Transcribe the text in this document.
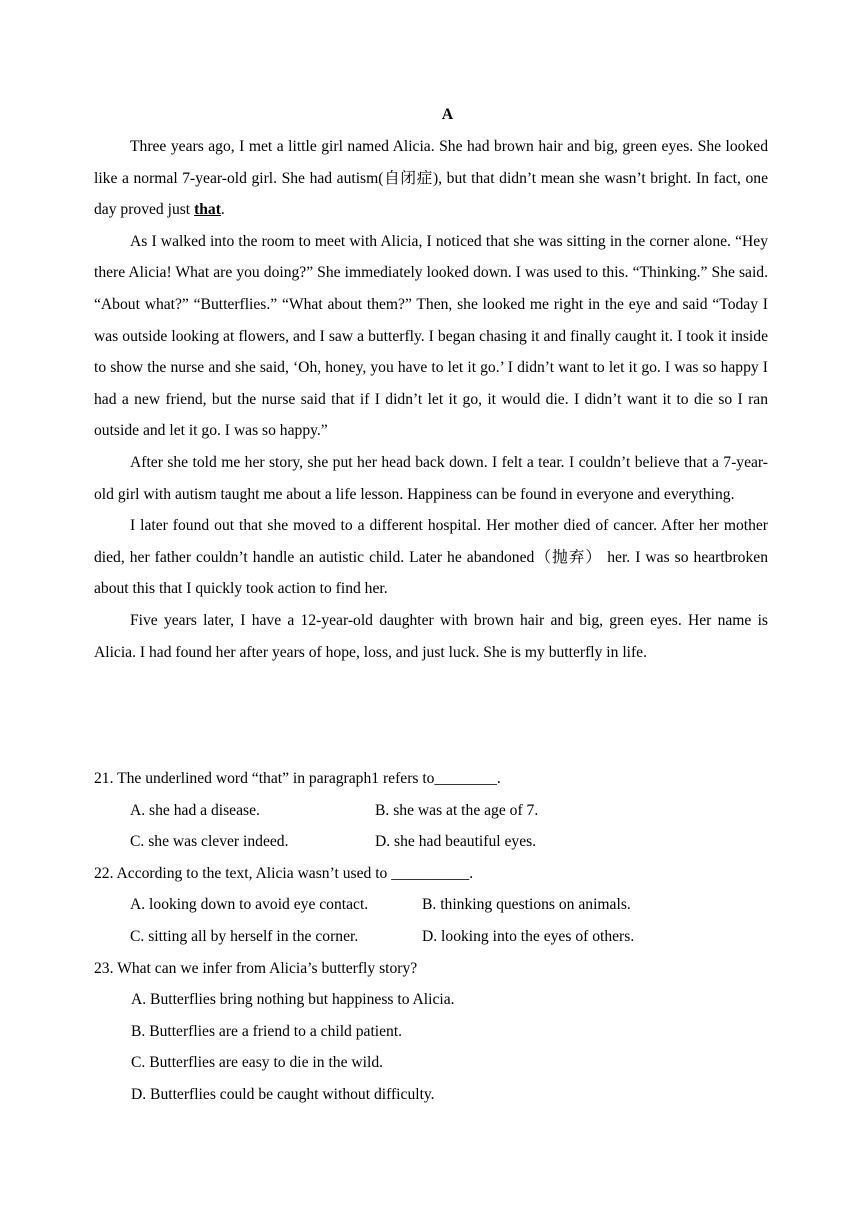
A

Three years ago, I met a little girl named Alicia. She had brown hair and big, green eyes. She looked like a normal 7-year-old girl. She had autism(自闭症), but that didn’t mean she wasn’t bright. In fact, one day proved just that.

As I walked into the room to meet with Alicia, I noticed that she was sitting in the corner alone. “Hey there Alicia! What are you doing?” She immediately looked down. I was used to this. “Thinking.” She said. “About what?” “Butterflies.” “What about them?” Then, she looked me right in the eye and said “Today I was outside looking at flowers, and I saw a butterfly. I began chasing it and finally caught it. I took it inside to show the nurse and she said, ‘Oh, honey, you have to let it go.’ I didn’t want to let it go. I was so happy I had a new friend, but the nurse said that if I didn’t let it go, it would die. I didn’t want it to die so I ran outside and let it go. I was so happy.”

After she told me her story, she put her head back down. I felt a tear. I couldn’t believe that a 7-year-old girl with autism taught me about a life lesson. Happiness can be found in everyone and everything.

I later found out that she moved to a different hospital. Her mother died of cancer. After her mother died, her father couldn’t handle an autistic child. Later he abandoned（抛弃） her. I was so heartbroken about this that I quickly took action to find her.

Five years later, I have a 12-year-old daughter with brown hair and big, green eyes. Her name is Alicia. I had found her after years of hope, loss, and just luck. She is my butterfly in life.

21. The underlined word “that” in paragraph1 refers to________.

A. she had a disease.	B. she was at the age of 7.
C. she was clever indeed.	D. she had beautiful eyes.

22. According to the text, Alicia wasn’t used to __________.

A. looking down to avoid eye contact.	B. thinking questions on animals.
C. sitting all by herself in the corner.	D. looking into the eyes of others.

23. What can we infer from Alicia’s butterfly story?

A. Butterflies bring nothing but happiness to Alicia.
B. Butterflies are a friend to a child patient.
C. Butterflies are easy to die in the wild.
D. Butterflies could be caught without difficulty.
